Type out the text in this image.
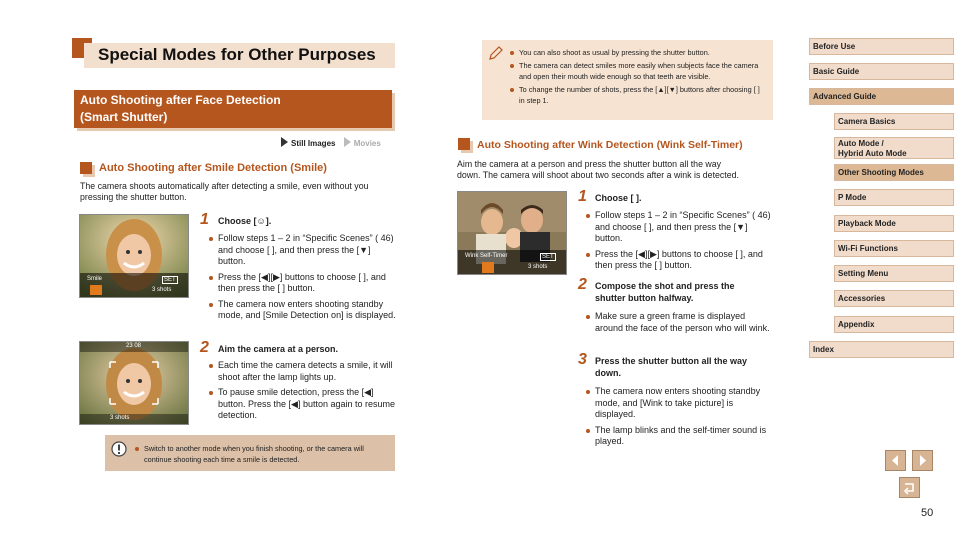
Special Modes for Other Purposes
Auto Shooting after Face Detection
(Smart Shutter)
Still Images Movies
Auto Shooting after Smile Detection (Smile)
The camera shoots automatically after detecting a smile, even without you
pressing the shutter button.
Smile	SET
3 shots
1 Choose [☺].
Follow steps 1 – 2 in “Specific Scenes” ( 46) and choose [ ], and then press the [▼] button.
Press the [◀][▶] buttons to choose [ ], and then press the [ ] button.
The camera now enters shooting standby mode, and [Smile Detection on] is displayed.
23 08
3 shots
2 Aim the camera at a person.
Each time the camera detects a smile, it will shoot after the lamp lights up.
To pause smile detection, press the [◀] button. Press the [◀] button again to resume detection.
Switch to another mode when you finish shooting, or the camera will continue shooting each time a smile is detected.
You can also shoot as usual by pressing the shutter button.
The camera can detect smiles more easily when subjects face the camera and open their mouth wide enough so that teeth are visible.
To change the number of shots, press the [▲][▼] buttons after choosing [ ] in step 1.
Auto Shooting after Wink Detection (Wink Self-Timer)
Aim the camera at a person and press the shutter button all the way
down. The camera will shoot about two seconds after a wink is detected.
Wink Self-Timer	SET
3 shots
1 Choose [ ].
Follow steps 1 – 2 in “Specific Scenes” ( 46) and choose [ ], and then press the [▼] button.
Press the [◀][▶] buttons to choose [ ], and then press the [ ] button.
2 Compose the shot and press the
shutter button halfway.
Make sure a green frame is displayed around the face of the person who will wink.
3 Press the shutter button all the way
down.
The camera now enters shooting standby mode, and [Wink to take picture] is displayed.
The lamp blinks and the self-timer sound is played.
Before Use
Basic Guide
Advanced Guide
Camera Basics
Auto Mode /
Hybrid Auto Mode
Other Shooting Modes
P Mode
Playback Mode
Wi-Fi Functions
Setting Menu
Accessories
Appendix
Index
50
